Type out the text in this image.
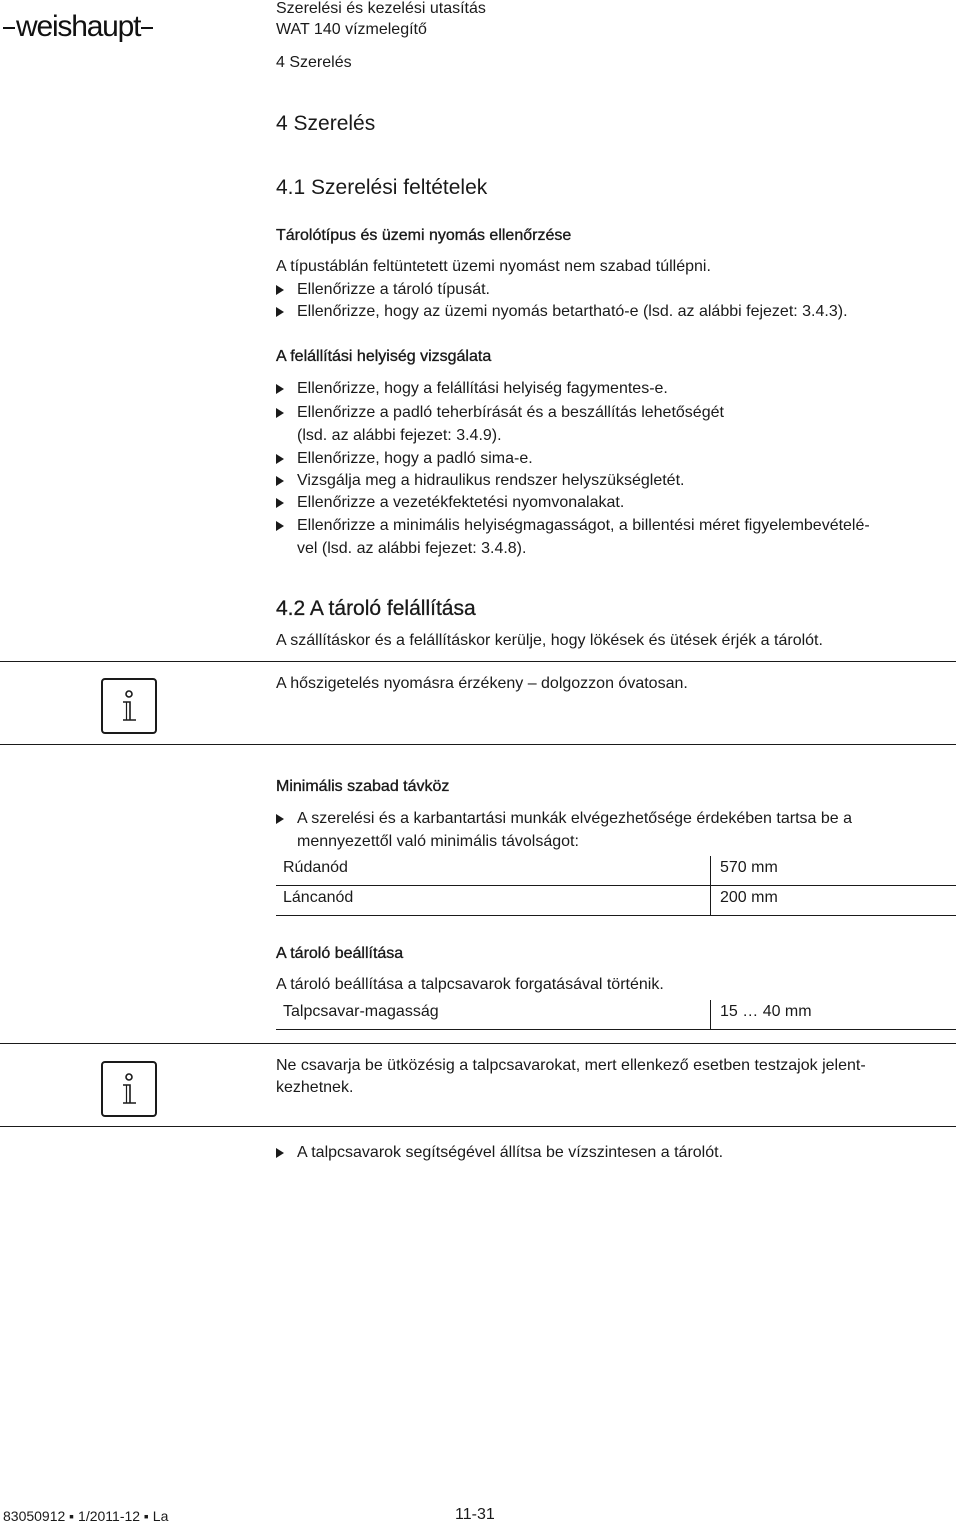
weishaupt
Szerelési és kezelési utasítás
WAT 140 vízmelegítő
4 Szerelés
4 Szerelés
4.1 Szerelési feltételek
Tárolótípus és üzemi nyomás ellenőrzése
A típustáblán feltüntetett üzemi nyomást nem szabad túllépni.
Ellenőrizze a tároló típusát.
Ellenőrizze, hogy az üzemi nyomás betartható-e (lsd. az alábbi fejezet: 3.4.3).
A felállítási helyiség vizsgálata
Ellenőrizze, hogy a felállítási helyiség fagymentes-e.
Ellenőrizze a padló teherbírását és a beszállítás lehetőségét
(lsd. az alábbi fejezet: 3.4.9).
Ellenőrizze, hogy a padló sima-e.
Vizsgálja meg a hidraulikus rendszer helyszükségletét.
Ellenőrizze a vezetékfektetési nyomvonalakat.
Ellenőrizze a minimális helyiségmagasságot, a billentési méret figyelembevételé-
vel (lsd. az alábbi fejezet: 3.4.8).
4.2 A tároló felállítása
A szállításkor és a felállításkor kerülje, hogy lökések és ütések érjék a tárolót.
A hőszigetelés nyomásra érzékeny – dolgozzon óvatosan.
Minimális szabad távköz
A szerelési és a karbantartási munkák elvégezhetősége érdekében tartsa be a
mennyezettől való minimális távolságot:
Rúdanód	570 mm
Láncanód	200 mm
A tároló beállítása
A tároló beállítása a talpcsavarok forgatásával történik.
Talpcsavar-magasság	15 … 40 mm
Ne csavarja be ütközésig a talpcsavarokat, mert ellenkező esetben testzajok jelent-
kezhetnek.
A talpcsavarok segítségével állítsa be vízszintesen a tárolót.
83050912 ▪ 1/2011-12 ▪ La	11-31
